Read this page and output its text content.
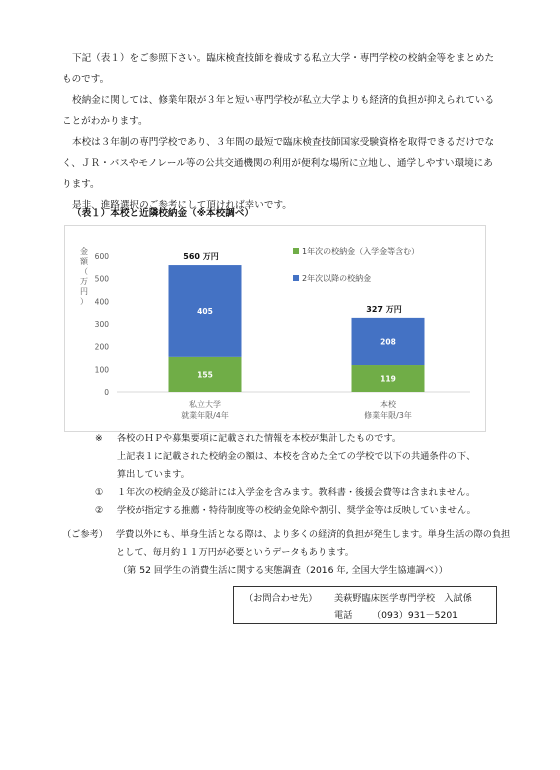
下記（表１）をご参照下さい。臨床検査技師を養成する私立大学・専門学校の校納金等をまとめたものです。

校納金に関しては、修業年限が３年と短い専門学校が私立大学よりも経済的負担が抑えられていることがわかります。

本校は３年制の専門学校であり、３年間の最短で臨床検査技師国家受験資格を取得できるだけでなく、ＪＲ・バスやモノレール等の公共交通機関の利用が便利な場所に立地し、通学しやすい環境にあります。

是非、進路選択のご参考にして頂ければ幸いです。

（表１）本校と近隣校納金（※本校調べ）
金額（万円）
0
100
200
300
400
500
600
155
405
560 万円
私立大学
就業年限/4年
119
208
327 万円
本校
修業年限/3年
1年次の校納金（入学金等含む）
2年次以降の校納金
※ 各校のＨＰや募集要項に記載された情報を本校が集計したものです。
上記表１に記載された校納金の額は、本校を含めた全ての学校で以下の共通条件の下、
算出しています。
① １年次の校納金及び総計には入学金を含みます。教科書・後援会費等は含まれません。
② 学校が指定する推薦・特待制度等の校納金免除や割引、奨学金等は反映していません。
（ご参考） 学費以外にも、単身生活となる際は、より多くの経済的負担が発生します。単身生活の際の負担として、毎月約１１万円が必要というデータもあります。
（第 52 回学生の消費生活に関する実態調査（2016 年, 全国大学生協連調べ））
（お問合わせ先） 美萩野臨床医学専門学校　入試係
電話 （093）931－5201
